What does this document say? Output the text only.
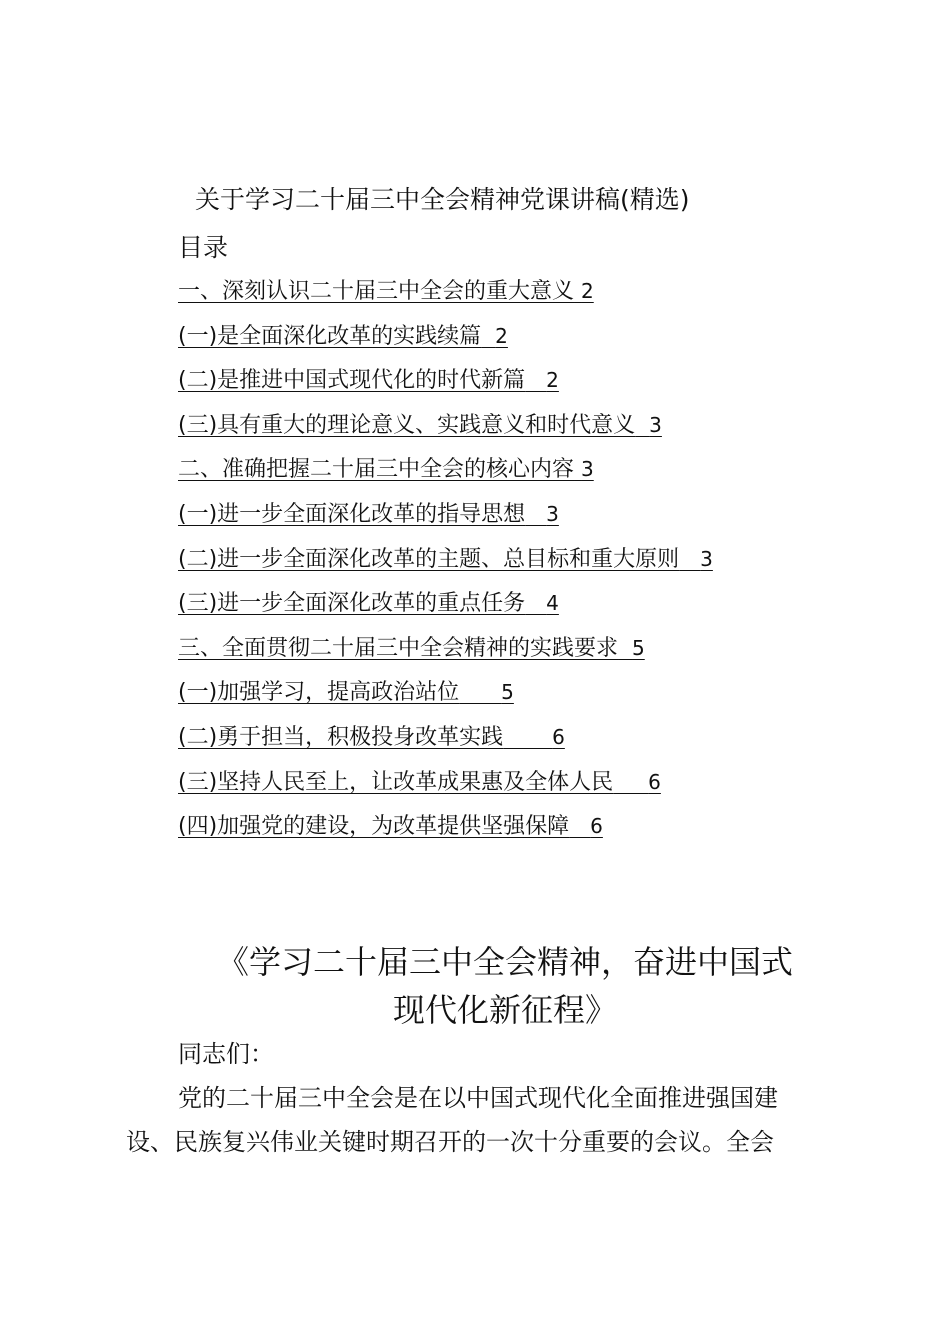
关于学习二十届三中全会精神党课讲稿(精选)
目录
一、深刻认识二十届三中全会的重大意义 2
(一)是全面深化改革的实践续篇 2
(二)是推进中国式现代化的时代新篇 2
(三)具有重大的理论意义、实践意义和时代意义 3
二、准确把握二十届三中全会的核心内容 3
(一)进一步全面深化改革的指导思想 3
(二)进一步全面深化改革的主题、总目标和重大原则 3
(三)进一步全面深化改革的重点任务 4
三、全面贯彻二十届三中全会精神的实践要求 5
(一)加强学习，提高政治站位 5
(二)勇于担当，积极投身改革实践 6
(三)坚持人民至上，让改革成果惠及全体人民 6
(四)加强党的建设，为改革提供坚强保障 6
《学习二十届三中全会精神，奋进中国式
现代化新征程》
同志们：
党的二十届三中全会是在以中国式现代化全面推进强国建
设、民族复兴伟业关键时期召开的一次十分重要的会议。全会
